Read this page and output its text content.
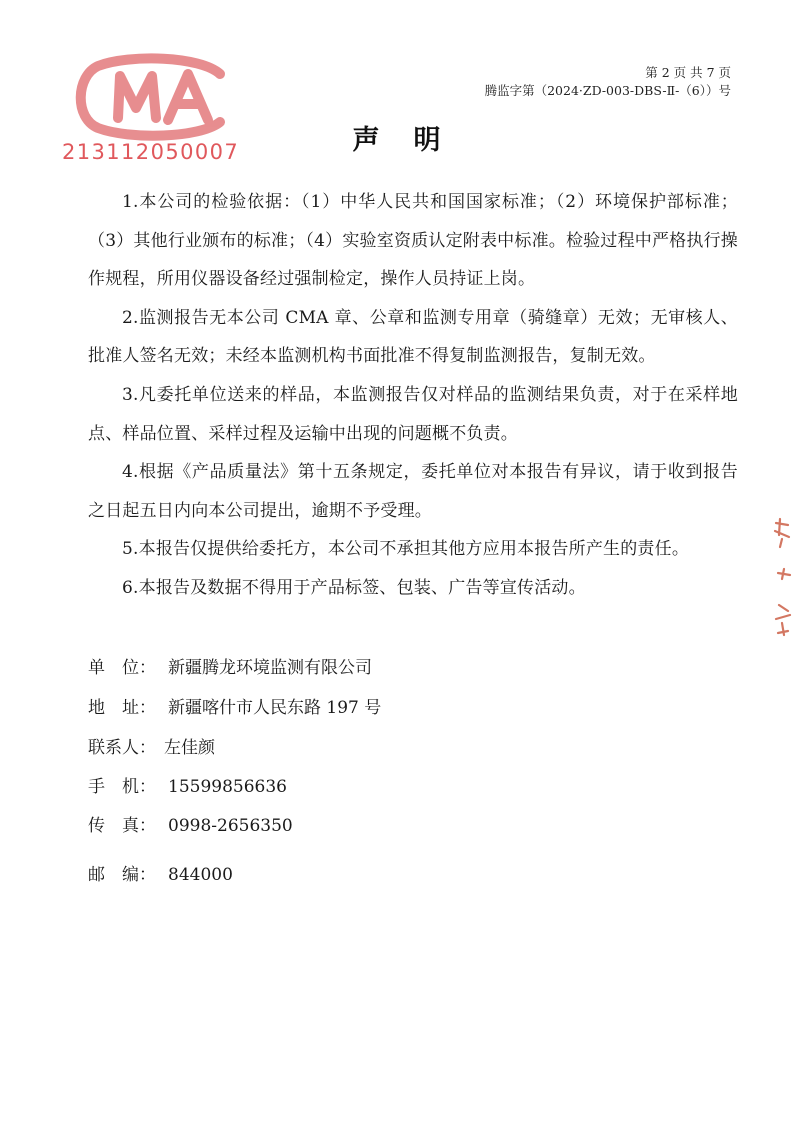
213112050007
第 2 页 共 7 页
腾监字第（2024·ZD-003-DBS-Ⅱ-（6））号
声明

1.本公司的检验依据：（1）中华人民共和国国家标准；（2）环境保护部标准；（3）其他行业颁布的标准；（4）实验室资质认定附表中标准。检验过程中严格执行操作规程，所用仪器设备经过强制检定，操作人员持证上岗。

2.监测报告无本公司 CMA 章、公章和监测专用章（骑缝章）无效；无审核人、批准人签名无效；未经本监测机构书面批准不得复制监测报告，复制无效。

3.凡委托单位送来的样品，本监测报告仅对样品的监测结果负责，对于在采样地点、样品位置、采样过程及运输中出现的问题概不负责。

4.根据《产品质量法》第十五条规定，委托单位对本报告有异议，请于收到报告之日起五日内向本公司提出，逾期不予受理。

5.本报告仅提供给委托方，本公司不承担其他方应用本报告所产生的责任。

6.本报告及数据不得用于产品标签、包装、广告等宣传活动。

单　位： 新疆腾龙环境监测有限公司
地　址： 新疆喀什市人民东路 197 号
联系人： 左佳颜
手　机： 15599856636
传　真： 0998-2656350
邮　编： 844000
